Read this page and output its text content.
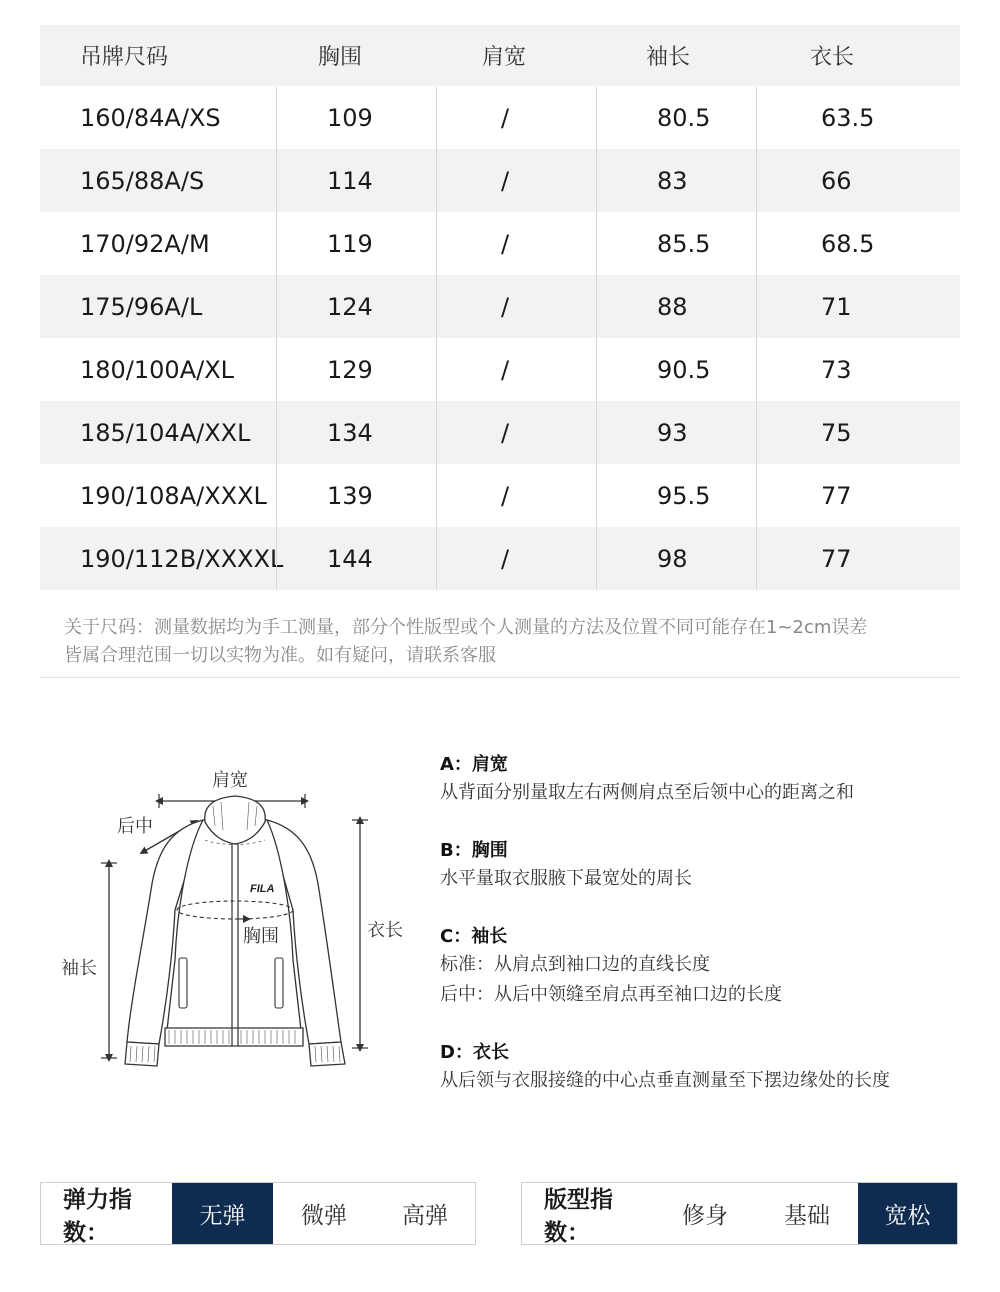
吊牌尺码	胸围	肩宽	袖长	衣长
160/84A/XS	109	/	80.5	63.5
165/88A/S	114	/	83	66
170/92A/M	119	/	85.5	68.5
175/96A/L	124	/	88	71
180/100A/XL	129	/	90.5	73
185/104A/XXL	134	/	93	75
190/108A/XXXL	139	/	95.5	77
190/112B/XXXXL	144	/	98	77
关于尺码：测量数据均为手工测量，部分个性版型或个人测量的方法及位置不同可能存在1~2cm误差
皆属合理范围一切以实物为准。如有疑问，请联系客服
FILA
肩宽
后中
胸围
袖长
衣长
A：肩宽
从背面分别量取左右两侧肩点至后领中心的距离之和
B：胸围
水平量取衣服腋下最宽处的周长
C：袖长
标准：从肩点到袖口边的直线长度
后中：从后中领缝至肩点再至袖口边的长度
D：衣长
从后领与衣服接缝的中心点垂直测量至下摆边缘处的长度
弹力指数：
无弹	微弹	高弹
版型指数：
修身	基础	宽松
